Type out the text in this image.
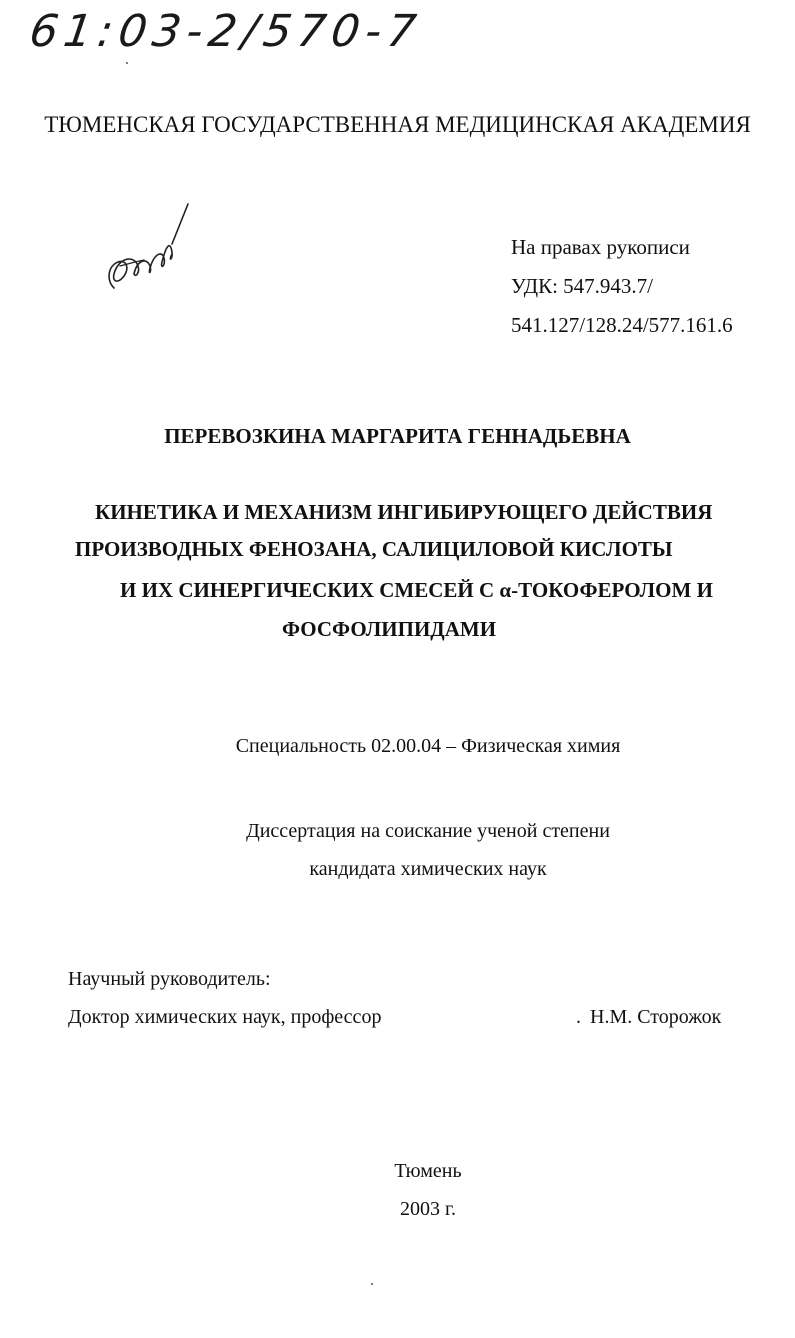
61:03-2/570-7
ТЮМЕНСКАЯ ГОСУДАРСТВЕННАЯ МЕДИЦИНСКАЯ АКАДЕМИЯ
На правах рукописи
УДК: 547.943.7/
541.127/128.24/577.161.6
ПЕРЕВОЗКИНА МАРГАРИТА ГЕННАДЬЕВНА
КИНЕТИКА И МЕХАНИЗМ ИНГИБИРУЮЩЕГО ДЕЙСТВИЯ
ПРОИЗВОДНЫХ ФЕНОЗАНА, САЛИЦИЛОВОЙ КИСЛОТЫ
И ИХ СИНЕРГИЧЕСКИХ СМЕСЕЙ С α-ТОКОФЕРОЛОМ И
ФОСФОЛИПИДАМИ
Специальность 02.00.04 – Физическая химия
Диссертация на соискание ученой степени
кандидата химических наук
Научный руководитель:
Доктор химических наук, профессор	. Н.М. Сторожок
Тюмень
2003 г.
